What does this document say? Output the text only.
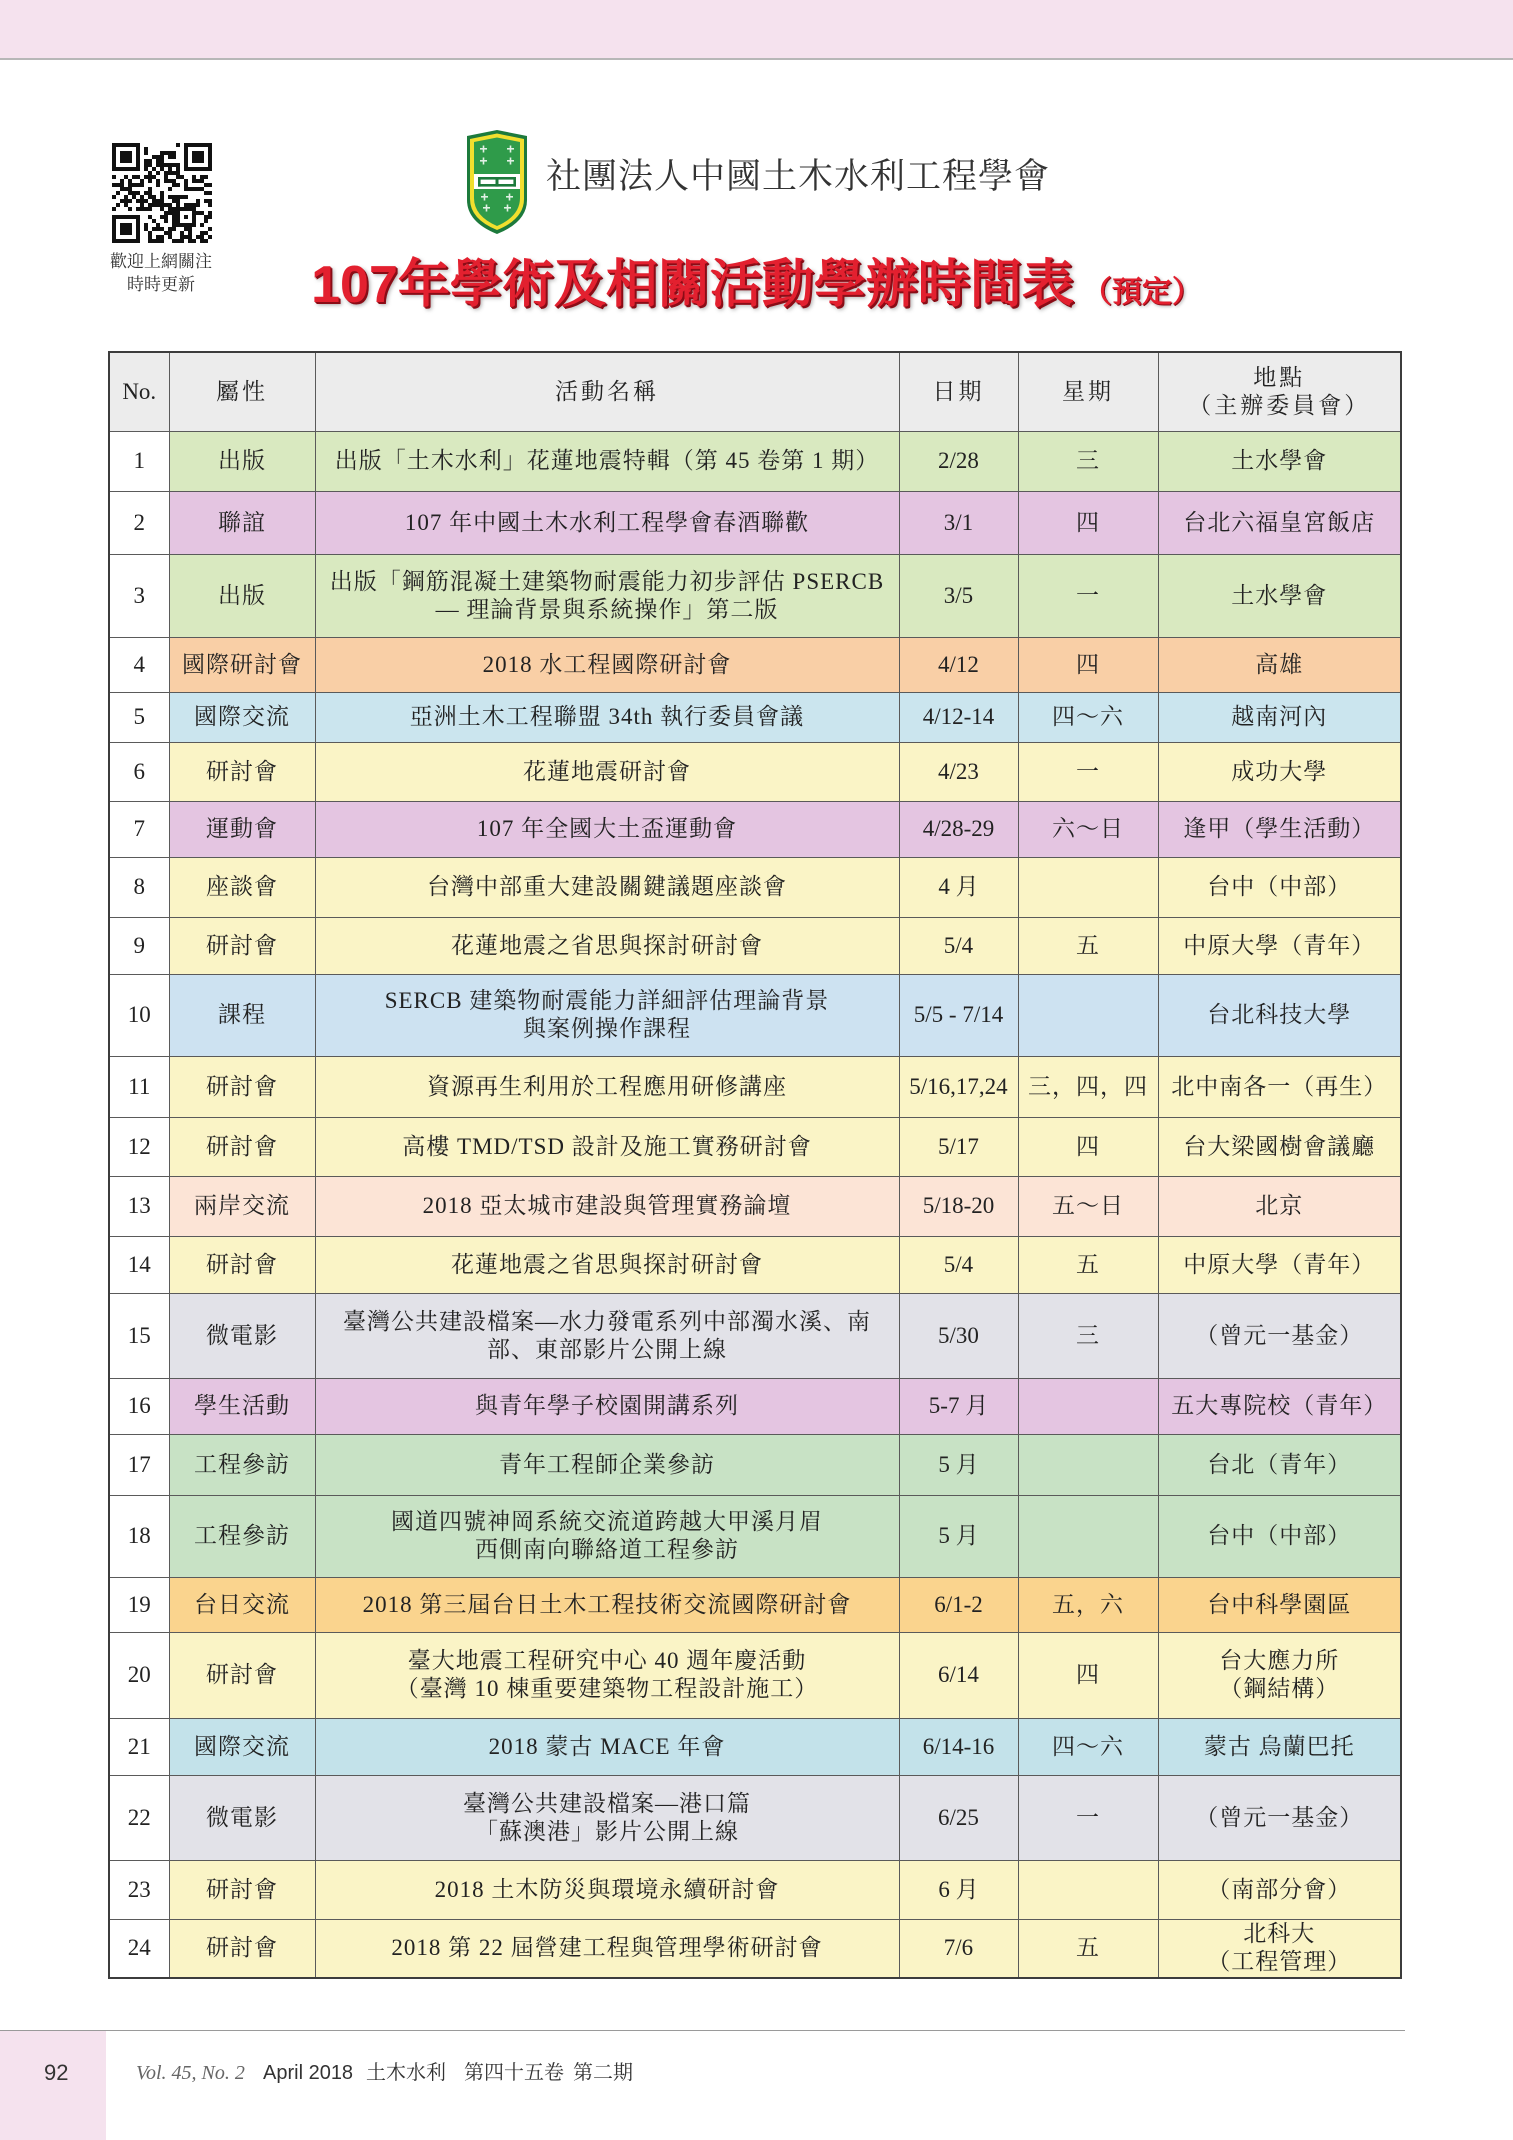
歡迎上網關注
時時更新
社團法人中國土木水利工程學會
107年學術及相關活動學辦時間表 （預定）
No.	屬性	活動名稱	日期	星期	地點
（主辦委員會）
1	出版	出版「土木水利」花蓮地震特輯（第 45 卷第 1 期）	2/28	三	土水學會
2	聯誼	107 年中國土木水利工程學會春酒聯歡	3/1	四	台北六福皇宮飯店
3	出版	出版「鋼筋混凝土建築物耐震能力初步評估 PSERCB
— 理論背景與系統操作」第二版	3/5	一	土水學會
4	國際研討會	2018 水工程國際研討會	4/12	四	高雄
5	國際交流	亞洲土木工程聯盟 34th 執行委員會議	4/12-14	四～六	越南河內
6	研討會	花蓮地震研討會	4/23	一	成功大學
7	運動會	107 年全國大土盃運動會	4/28-29	六～日	逢甲（學生活動）
8	座談會	台灣中部重大建設關鍵議題座談會	4 月		台中（中部）
9	研討會	花蓮地震之省思與探討研討會	5/4	五	中原大學（青年）
10	課程	SERCB 建築物耐震能力詳細評估理論背景
與案例操作課程	5/5 - 7/14		台北科技大學
11	研討會	資源再生利用於工程應用研修講座	5/16,17,24	三，四，四	北中南各一（再生）
12	研討會	高樓 TMD/TSD 設計及施工實務研討會	5/17	四	台大梁國樹會議廳
13	兩岸交流	2018 亞太城市建設與管理實務論壇	5/18-20	五～日	北京
14	研討會	花蓮地震之省思與探討研討會	5/4	五	中原大學（青年）
15	微電影	臺灣公共建設檔案—水力發電系列中部濁水溪、南
部、東部影片公開上線	5/30	三	（曾元一基金）
16	學生活動	與青年學子校園開講系列	5-7 月		五大專院校（青年）
17	工程參訪	青年工程師企業參訪	5 月		台北（青年）
18	工程參訪	國道四號神岡系統交流道跨越大甲溪月眉
西側南向聯絡道工程參訪	5 月		台中（中部）
19	台日交流	2018 第三屆台日土木工程技術交流國際研討會	6/1-2	五，六	台中科學園區
20	研討會	臺大地震工程研究中心 40 週年慶活動
（臺灣 10 棟重要建築物工程設計施工）	6/14	四	台大應力所
（鋼結構）
21	國際交流	2018 蒙古 MACE 年會	6/14-16	四～六	蒙古 烏蘭巴托
22	微電影	臺灣公共建設檔案—港口篇
「蘇澳港」影片公開上線	6/25	一	（曾元一基金）
23	研討會	2018 土木防災與環境永續研討會	6 月		（南部分會）
24	研討會	2018 第 22 屆營建工程與管理學術研討會	7/6	五	北科大
（工程管理）
92	Vol. 45, No. 2 April 2018 土木水利 第四十五卷 第二期
